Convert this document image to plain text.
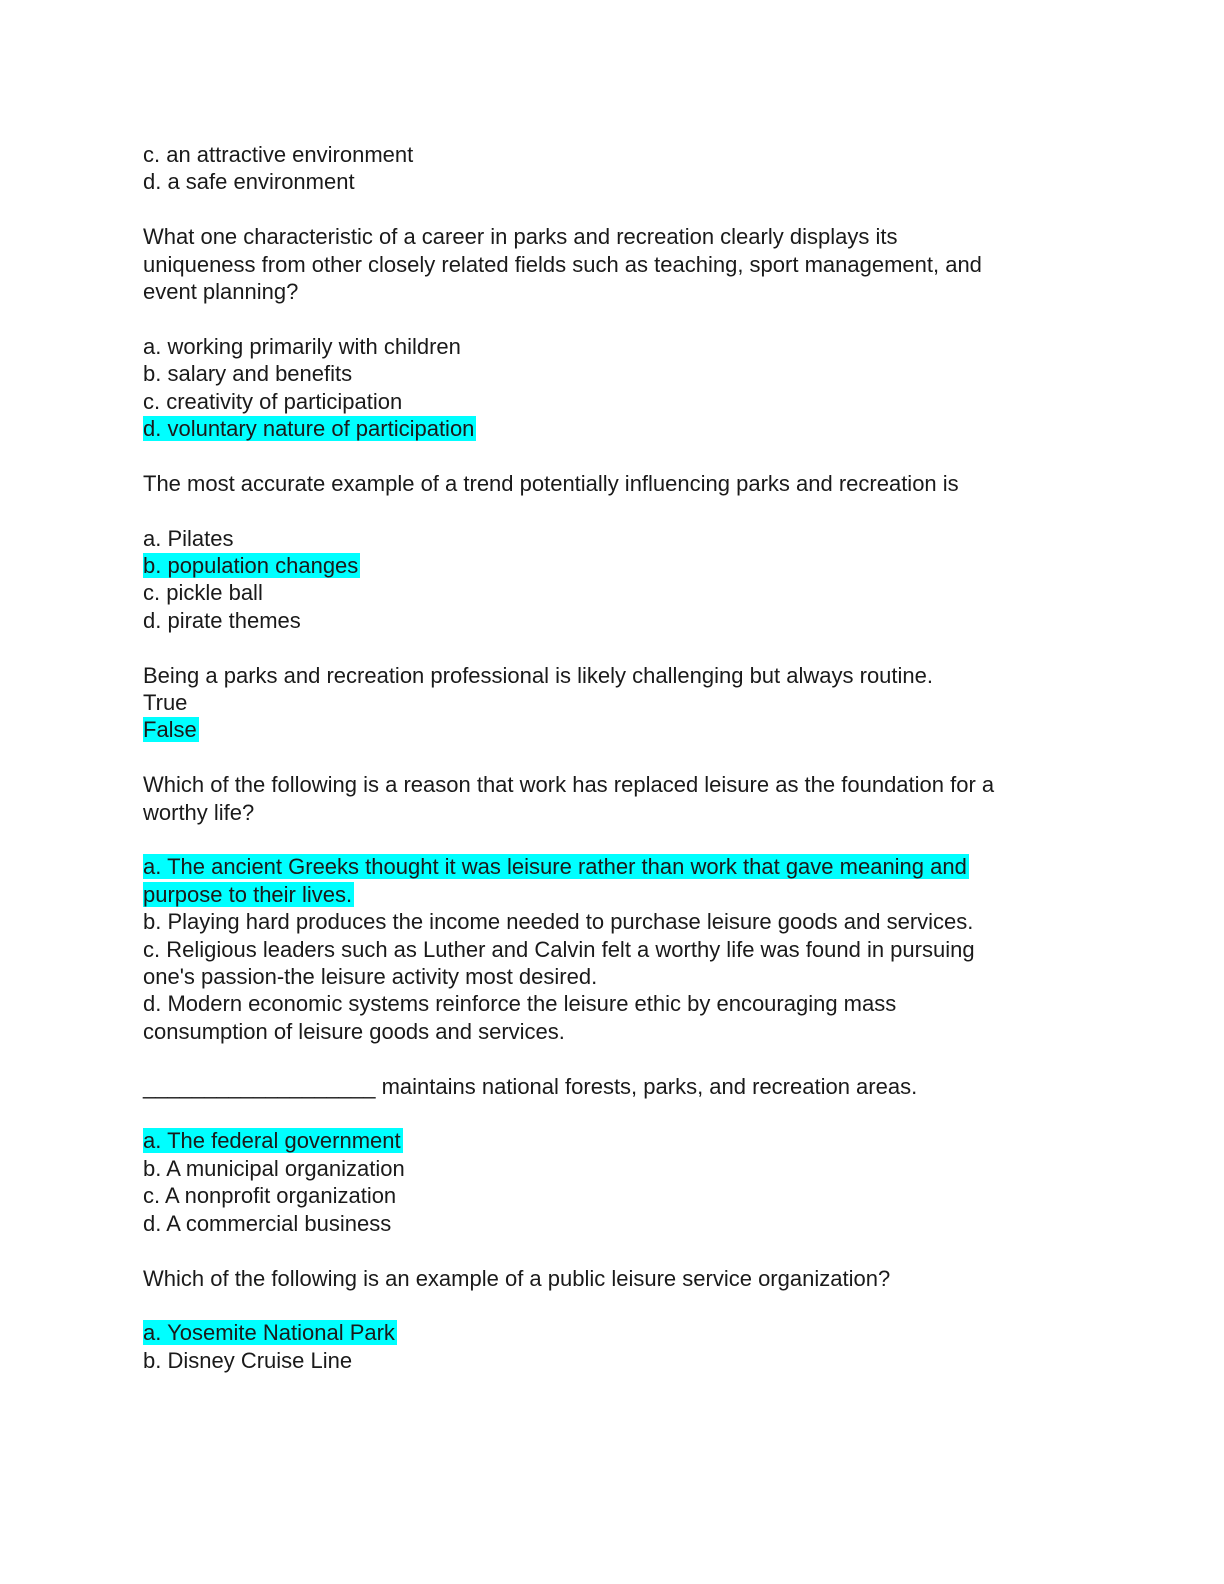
c. an attractive environment
d. a safe environment
What one characteristic of a career in parks and recreation clearly displays its
uniqueness from other closely related fields such as teaching, sport management, and
event planning?
a. working primarily with children
b. salary and benefits
c. creativity of participation
d. voluntary nature of participation
The most accurate example of a trend potentially influencing parks and recreation is
a. Pilates
b. population changes
c. pickle ball
d. pirate themes
Being a parks and recreation professional is likely challenging but always routine.
True
False
Which of the following is a reason that work has replaced leisure as the foundation for a
worthy life?
a. The ancient Greeks thought it was leisure rather than work that gave meaning and
purpose to their lives.
b. Playing hard produces the income needed to purchase leisure goods and services.
c. Religious leaders such as Luther and Calvin felt a worthy life was found in pursuing
one's passion-the leisure activity most desired.
d. Modern economic systems reinforce the leisure ethic by encouraging mass
consumption of leisure goods and services.
___________________ maintains national forests, parks, and recreation areas.
a. The federal government
b. A municipal organization
c. A nonprofit organization
d. A commercial business
Which of the following is an example of a public leisure service organization?
a. Yosemite National Park
b. Disney Cruise Line
